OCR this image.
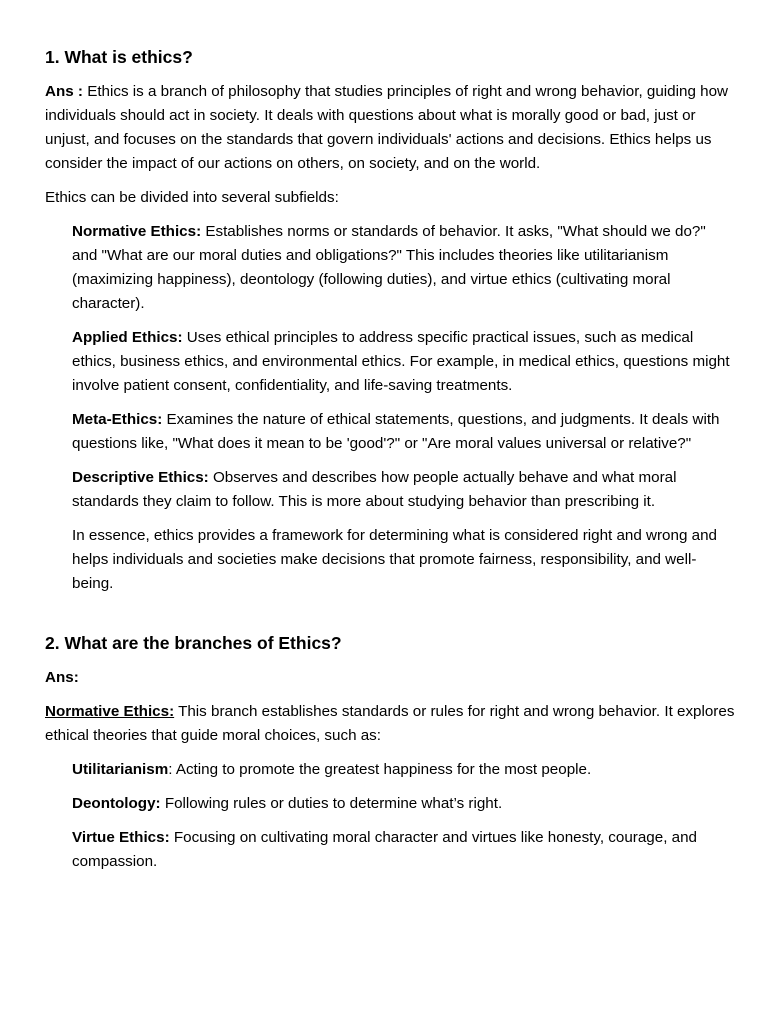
1. What is ethics?

Ans : Ethics is a branch of philosophy that studies principles of right and wrong behavior, guiding how individuals should act in society. It deals with questions about what is morally good or bad, just or unjust, and focuses on the standards that govern individuals' actions and decisions. Ethics helps us consider the impact of our actions on others, on society, and on the world.

Ethics can be divided into several subfields:

Normative Ethics: Establishes norms or standards of behavior. It asks, "What should we do?" and "What are our moral duties and obligations?" This includes theories like utilitarianism (maximizing happiness), deontology (following duties), and virtue ethics (cultivating moral character).

Applied Ethics: Uses ethical principles to address specific practical issues, such as medical ethics, business ethics, and environmental ethics. For example, in medical ethics, questions might involve patient consent, confidentiality, and life-saving treatments.

Meta-Ethics: Examines the nature of ethical statements, questions, and judgments. It deals with questions like, "What does it mean to be 'good'?" or "Are moral values universal or relative?"

Descriptive Ethics: Observes and describes how people actually behave and what moral standards they claim to follow. This is more about studying behavior than prescribing it.

In essence, ethics provides a framework for determining what is considered right and wrong and helps individuals and societies make decisions that promote fairness, responsibility, and well-being.

2. What are the branches of Ethics?

Ans:

Normative Ethics: This branch establishes standards or rules for right and wrong behavior. It explores ethical theories that guide moral choices, such as:

Utilitarianism: Acting to promote the greatest happiness for the most people.

Deontology: Following rules or duties to determine what’s right.

Virtue Ethics: Focusing on cultivating moral character and virtues like honesty, courage, and compassion.
